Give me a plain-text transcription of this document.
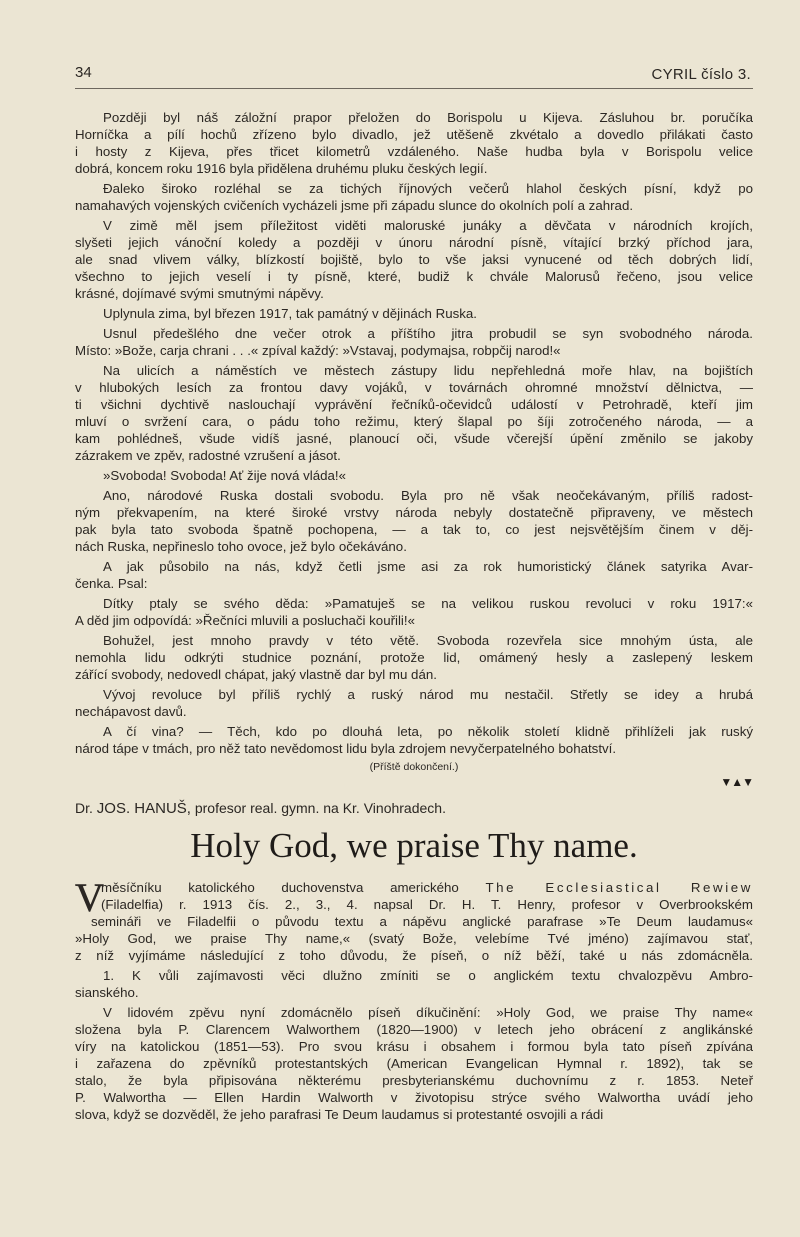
34	CYRIL číslo 3.
Později byl náš záložní prapor přeložen do Borispolu u Kijeva. Zásluhou br. poručíka
Horníčka a pílí hochů zřízeno bylo divadlo, jež utěšeně zkvétalo a dovedlo přilákati často
i hosty z Kijeva, přes třicet kilometrů vzdáleného. Naše hudba byla v Borispolu velice
dobrá, koncem roku 1916 byla přidělena druhému pluku českých legií.
Ðaleko široko rozléhal se za tichých říjnových večerů hlahol českých písní, když po
namahavých vojenských cvičeních vycházeli jsme při západu slunce do okolních polí a zahrad.
V zimě měl jsem příležitost viděti maloruské junáky a děvčata v národních krojích,
slyšeti jejich vánoční koledy a později v únoru národní písně, vítající brzký příchod jara,
ale snad vlivem války, blízkostí bojiště, bylo to vše jaksi vynucené od těch dobrých lidí,
všechno to jejich veselí i ty písně, které, budiž k chvále Malorusů řečeno, jsou velice
krásné, dojímavé svými smutnými nápěvy.
Uplynula zima, byl březen 1917, tak památný v dějinách Ruska.
Usnul předešlého dne večer otrok a příštího jitra probudil se syn svobodného národa.
Místo: »Bože, carja chrani . . .« zpíval každý: »Vstavaj, podymajsa, robpčij narod!«
Na ulicích a náměstích ve městech zástupy lidu nepřehledná moře hlav, na bojištích
v hlubokých lesích za frontou davy vojáků, v továrnách ohromné množství dělnictva, —
ti všichni dychtivě naslouchají vyprávění řečníků-očevidců událostí v Petrohradě, kteří jim
mluví o svržení cara, o pádu toho režimu, který šlapal po šíji zotročeného národa, — a
kam pohlédneš, všude vidíš jasné, planoucí oči, všude včerejší úpění změnilo se jakoby
zázrakem ve zpěv, radostné vzrušení a jásot.
»Svoboda! Svoboda! Ať žije nová vláda!«
Ano, národové Ruska dostali svobodu. Byla pro ně však neočekávaným, příliš radost-
ným překvapením, na které široké vrstvy národa nebyly dostatečně připraveny, ve městech
pak byla tato svoboda špatně pochopena, — a tak to, co jest nejsvětějším činem v děj-
nách Ruska, nepřineslo toho ovoce, jež bylo očekáváno.
A jak působilo na nás, když četli jsme asi za rok humoristický článek satyrika Avar-
čenka. Psal:
Dítky ptaly se svého děda: »Pamatuješ se na velikou ruskou revoluci v roku 1917:«
A děd jim odpovídá: »Řečníci mluvili a posluchači kouřili!«
Bohužel, jest mnoho pravdy v této větě. Svoboda rozevřela sice mnohým ústa, ale
nemohla lidu odkrýti studnice poznání, protože lid, omámený hesly a zaslepený leskem
zářící svobody, nedovedl chápat, jaký vlastně dar byl mu dán.
Vývoj revoluce byl příliš rychlý a ruský národ mu nestačil. Střetly se idey a hrubá
nechápavost davů.
A čí vina? — Těch, kdo po dlouhá leta, po několik století klidně přihlíželi jak ruský
národ tápe v tmách, pro něž tato nevědomost lidu byla zdrojem nevyčerpatelného bohatství.
(Příště dokončení.)
▼▲▼
Dr. JOS. HANUŠ, profesor real. gymn. na Kr. Vinohradech.
Holy God, we praise Thy name.
V
měsíčníku katolického duchovenstva amerického The Ecclesiastical Rewiew
(Filadelfia) r. 1913 čís. 2., 3., 4. napsal Dr. H. T. Henry, profesor v Overbrookském
semináři ve Filadelfii o původu textu a nápěvu anglické parafrase »Te Deum laudamus«
»Holy God, we praise Thy name,« (svatý Bože, velebíme Tvé jméno) zajímavou stať,
z níž vyjímáme následující z toho důvodu, že píseň, o níž běží, také u nás zdomácněla.
1. K vůli zajímavosti věci dlužno zmíniti se o anglickém textu chvalozpěvu Ambro-
sianského.
V lidovém zpěvu nyní zdomácnělo píseň díkučinění: »Holy God, we praise Thy name«
složena byla P. Clarencem Walworthem (1820—1900) v letech jeho obrácení z anglikánské
víry na katolickou (1851—53). Pro svou krásu i obsahem i formou byla tato píseň zpívána
i zařazena do zpěvníků protestantských (American Evangelican Hymnal r. 1892), tak se
stalo, že byla připisována některému presbyterianskému duchovnímu z r. 1853. Neteř
P. Walwortha — Ellen Hardin Walworth v životopisu strýce svého Walwortha uvádí jeho
slova, když se dozvěděl, že jeho parafrasi Te Deum laudamus si protestanté osvojili a rádi
